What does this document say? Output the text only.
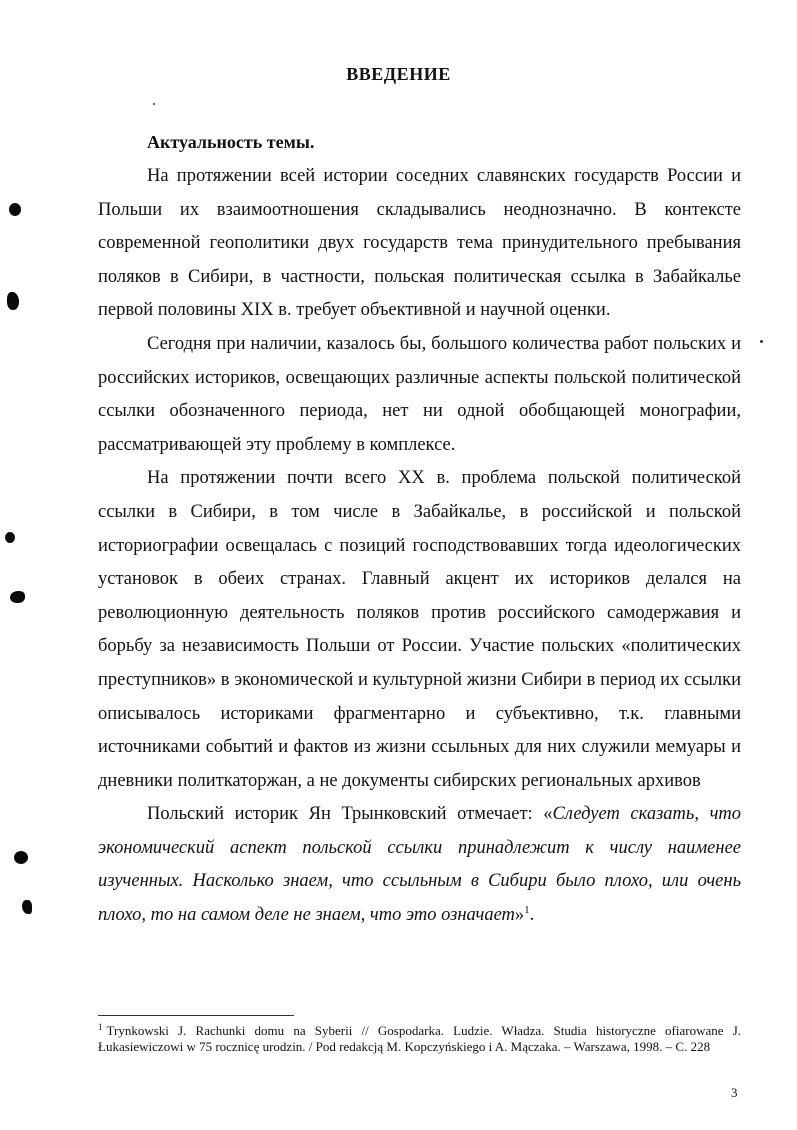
ВВЕДЕНИЕ
Актуальность темы.

На протяжении всей истории соседних славянских государств России и Польши их взаимоотношения складывались неоднозначно. В контексте современной геополитики двух государств тема принудительного пребывания поляков в Сибири, в частности, польская политическая ссылка в Забайкалье первой половины XIX в. требует объективной и научной оценки.

Сегодня при наличии, казалось бы, большого количества работ польских и российских историков, освещающих различные аспекты польской политической ссылки обозначенного периода, нет ни одной обобщающей монографии, рассматривающей эту проблему в комплексе.

На протяжении почти всего XX в. проблема польской политической ссылки в Сибири, в том числе в Забайкалье, в российской и польской историографии освещалась с позиций господствовавших тогда идеологических установок в обеих странах. Главный акцент их историков делался на революционную деятельность поляков против российского самодержавия и борьбу за независимость Польши от России. Участие польских «политических преступников» в экономической и культурной жизни Сибири в период их ссылки описывалось историками фрагментарно и субъективно, т.к. главными источниками событий и фактов из жизни ссыльных для них служили мемуары и дневники политкаторжан, а не документы сибирских региональных архивов

Польский историк Ян Трынковский отмечает: «Следует сказать, что экономический аспект польской ссылки принадлежит к числу наименее изученных. Насколько знаем, что ссыльным в Сибири было плохо, или очень плохо, то на самом деле не знаем, что это означает»$^1$.

$^1$ Trynkowski J. Rachunki domu na Syberii // Gospodarka. Ludzie. Władza. Studia historyczne ofiarowane J. Łukasiewiczowi w 75 rocznicę urodzin. / Pod redakcją M. Kopczyńskiego i A. Mączaka. – Warszawa, 1998. – C. 228
3
